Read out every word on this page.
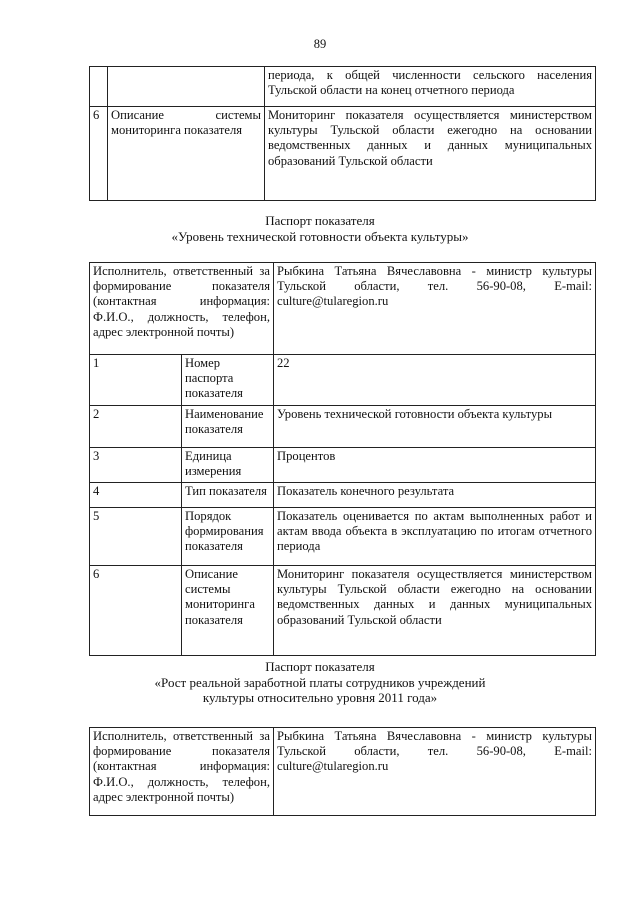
89
		периода, к общей численности сельского населения Тульской области на конец отчетного периода
6	Описание системы мониторинга показателя	Мониторинг показателя осуществляется министерством культуры Тульской области ежегодно на основании ведомственных данных и данных муниципальных образований Тульской области
Паспорт показателя
«Уровень технической готовности объекта культуры»
Исполнитель, ответственный за формирование показателя (контактная информация: Ф.И.О., должность, телефон, адрес электронной почты)		Рыбкина Татьяна Вячеславовна - министр культуры Тульской области, тел. 56-90-08, E-mail: culture@tularegion.ru
1	Номер паспорта показателя	22
2	Наименование показателя	Уровень технической готовности объекта культуры
3	Единица измерения	Процентов
4	Тип показателя	Показатель конечного результата
5	Порядок формирования показателя	Показатель оценивается по актам выполненных работ и актам ввода объекта в эксплуатацию по итогам отчетного периода
6	Описание системы мониторинга показателя	Мониторинг показателя осуществляется министерством культуры Тульской области ежегодно на основании ведомственных данных и данных муниципальных образований Тульской области
Паспорт показателя
«Рост реальной заработной платы сотрудников учреждений
культуры относительно уровня 2011 года»
Исполнитель, ответственный за формирование показателя (контактная информация: Ф.И.О., должность, телефон, адрес электронной почты)	Рыбкина Татьяна Вячеславовна - министр культуры Тульской области, тел. 56-90-08, E-mail: culture@tularegion.ru
